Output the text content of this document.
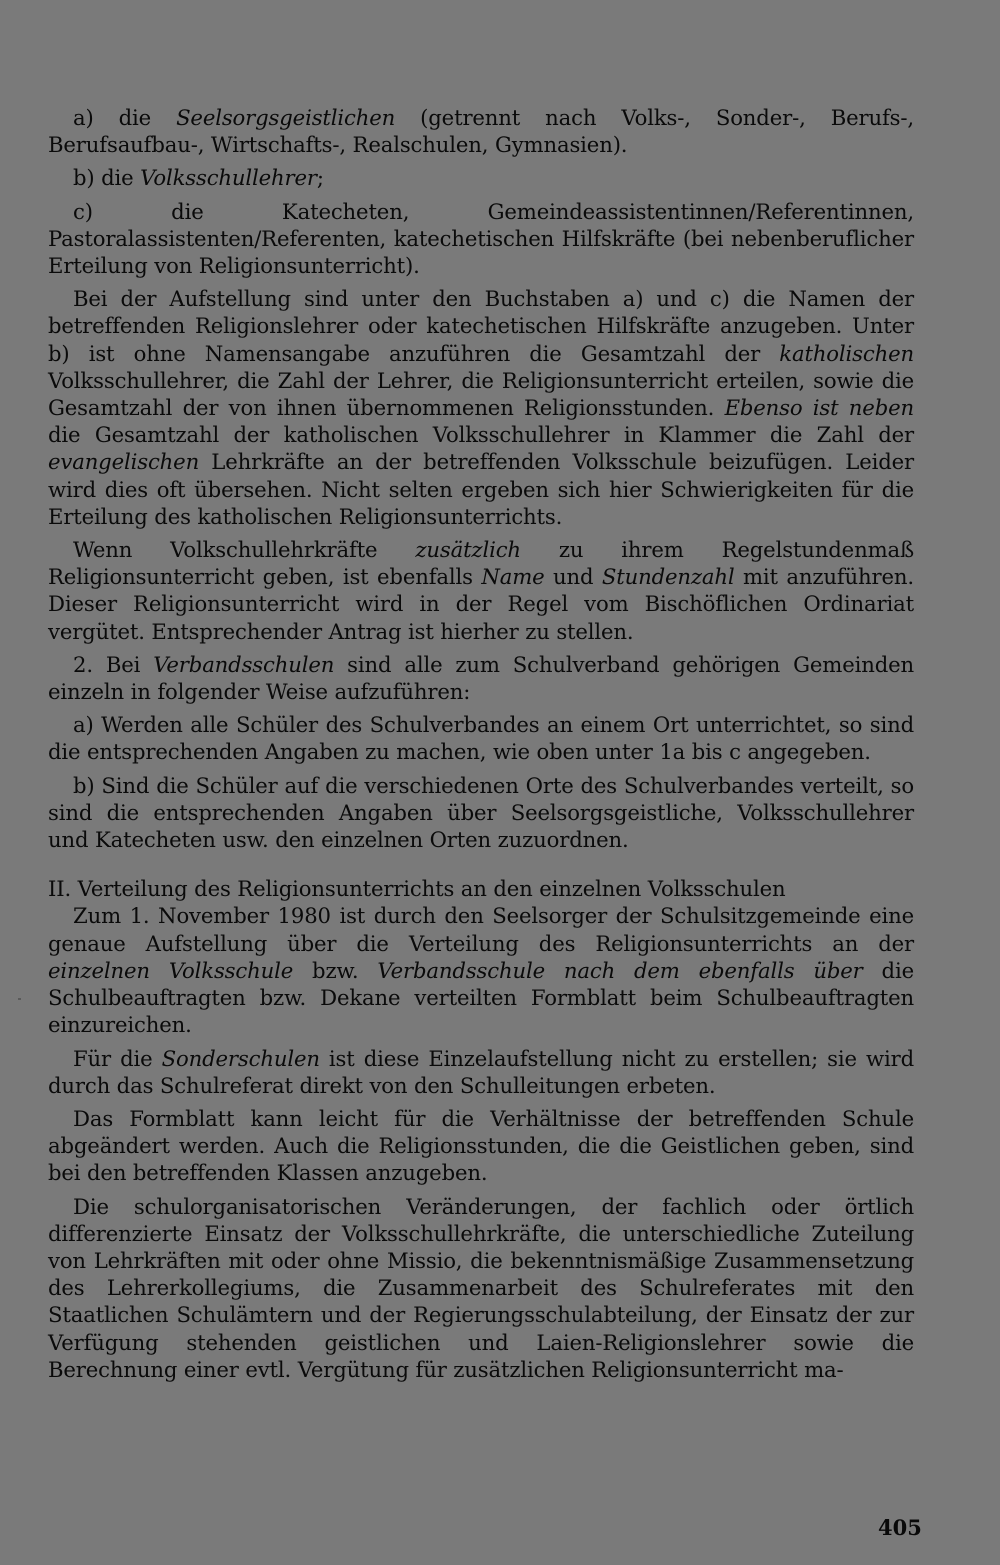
a) die Seelsorgsgeistlichen (getrennt nach Volks-, Sonder-, Berufs-, Berufsaufbau-, Wirtschafts-, Realschulen, Gymnasien).

b) die Volksschullehrer;

c) die Katecheten, Gemeindeassistentinnen/Referentinnen, Pastoralassistenten/Referenten, katechetischen Hilfskräfte (bei nebenberuflicher Erteilung von Religionsunterricht).

Bei der Aufstellung sind unter den Buchstaben a) und c) die Namen der betreffenden Religionslehrer oder katechetischen Hilfskräfte anzugeben. Unter b) ist ohne Namensangabe anzuführen die Gesamtzahl der katholischen Volksschullehrer, die Zahl der Lehrer, die Religionsunterricht erteilen, sowie die Gesamtzahl der von ihnen übernommenen Religionsstunden. Ebenso ist neben die Gesamtzahl der katholischen Volksschullehrer in Klammer die Zahl der evangelischen Lehrkräfte an der betreffenden Volksschule beizufügen. Leider wird dies oft übersehen. Nicht selten ergeben sich hier Schwierigkeiten für die Erteilung des katholischen Religionsunterrichts.

Wenn Volkschullehrkräfte zusätzlich zu ihrem Regelstundenmaß Religionsunterricht geben, ist ebenfalls Name und Stundenzahl mit anzuführen. Dieser Religionsunterricht wird in der Regel vom Bischöflichen Ordinariat vergütet. Entsprechender Antrag ist hierher zu stellen.

2. Bei Verbandsschulen sind alle zum Schulverband gehörigen Gemeinden einzeln in folgender Weise aufzuführen:

a) Werden alle Schüler des Schulverbandes an einem Ort unterrichtet, so sind die entsprechenden Angaben zu machen, wie oben unter 1a bis c angegeben.

b) Sind die Schüler auf die verschiedenen Orte des Schulverbandes verteilt, so sind die entsprechenden Angaben über Seelsorgsgeistliche, Volksschullehrer und Katecheten usw. den einzelnen Orten zuzuordnen.

II. Verteilung des Religionsunterrichts an den einzelnen Volksschulen

Zum 1. November 1980 ist durch den Seelsorger der Schulsitzgemeinde eine genaue Aufstellung über die Verteilung des Religionsunterrichts an der einzelnen Volksschule bzw. Verbandsschule nach dem ebenfalls über die Schulbeauftragten bzw. Dekane verteilten Formblatt beim Schulbeauftragten einzureichen.

Für die Sonderschulen ist diese Einzelaufstellung nicht zu erstellen; sie wird durch das Schulreferat direkt von den Schulleitungen erbeten.

Das Formblatt kann leicht für die Verhältnisse der betreffenden Schule abgeändert werden. Auch die Religionsstunden, die die Geistlichen geben, sind bei den betreffenden Klassen anzugeben.

Die schulorganisatorischen Veränderungen, der fachlich oder örtlich differenzierte Einsatz der Volksschullehrkräfte, die unterschiedliche Zuteilung von Lehrkräften mit oder ohne Missio, die bekenntnismäßige Zusammensetzung des Lehrerkollegiums, die Zusammenarbeit des Schulreferates mit den Staatlichen Schulämtern und der Regierungsschulabteilung, der Einsatz der zur Verfügung stehenden geistlichen und Laien-Religionslehrer sowie die Berechnung einer evtl. Vergütung für zusätzlichen Religionsunterricht ma-

405
